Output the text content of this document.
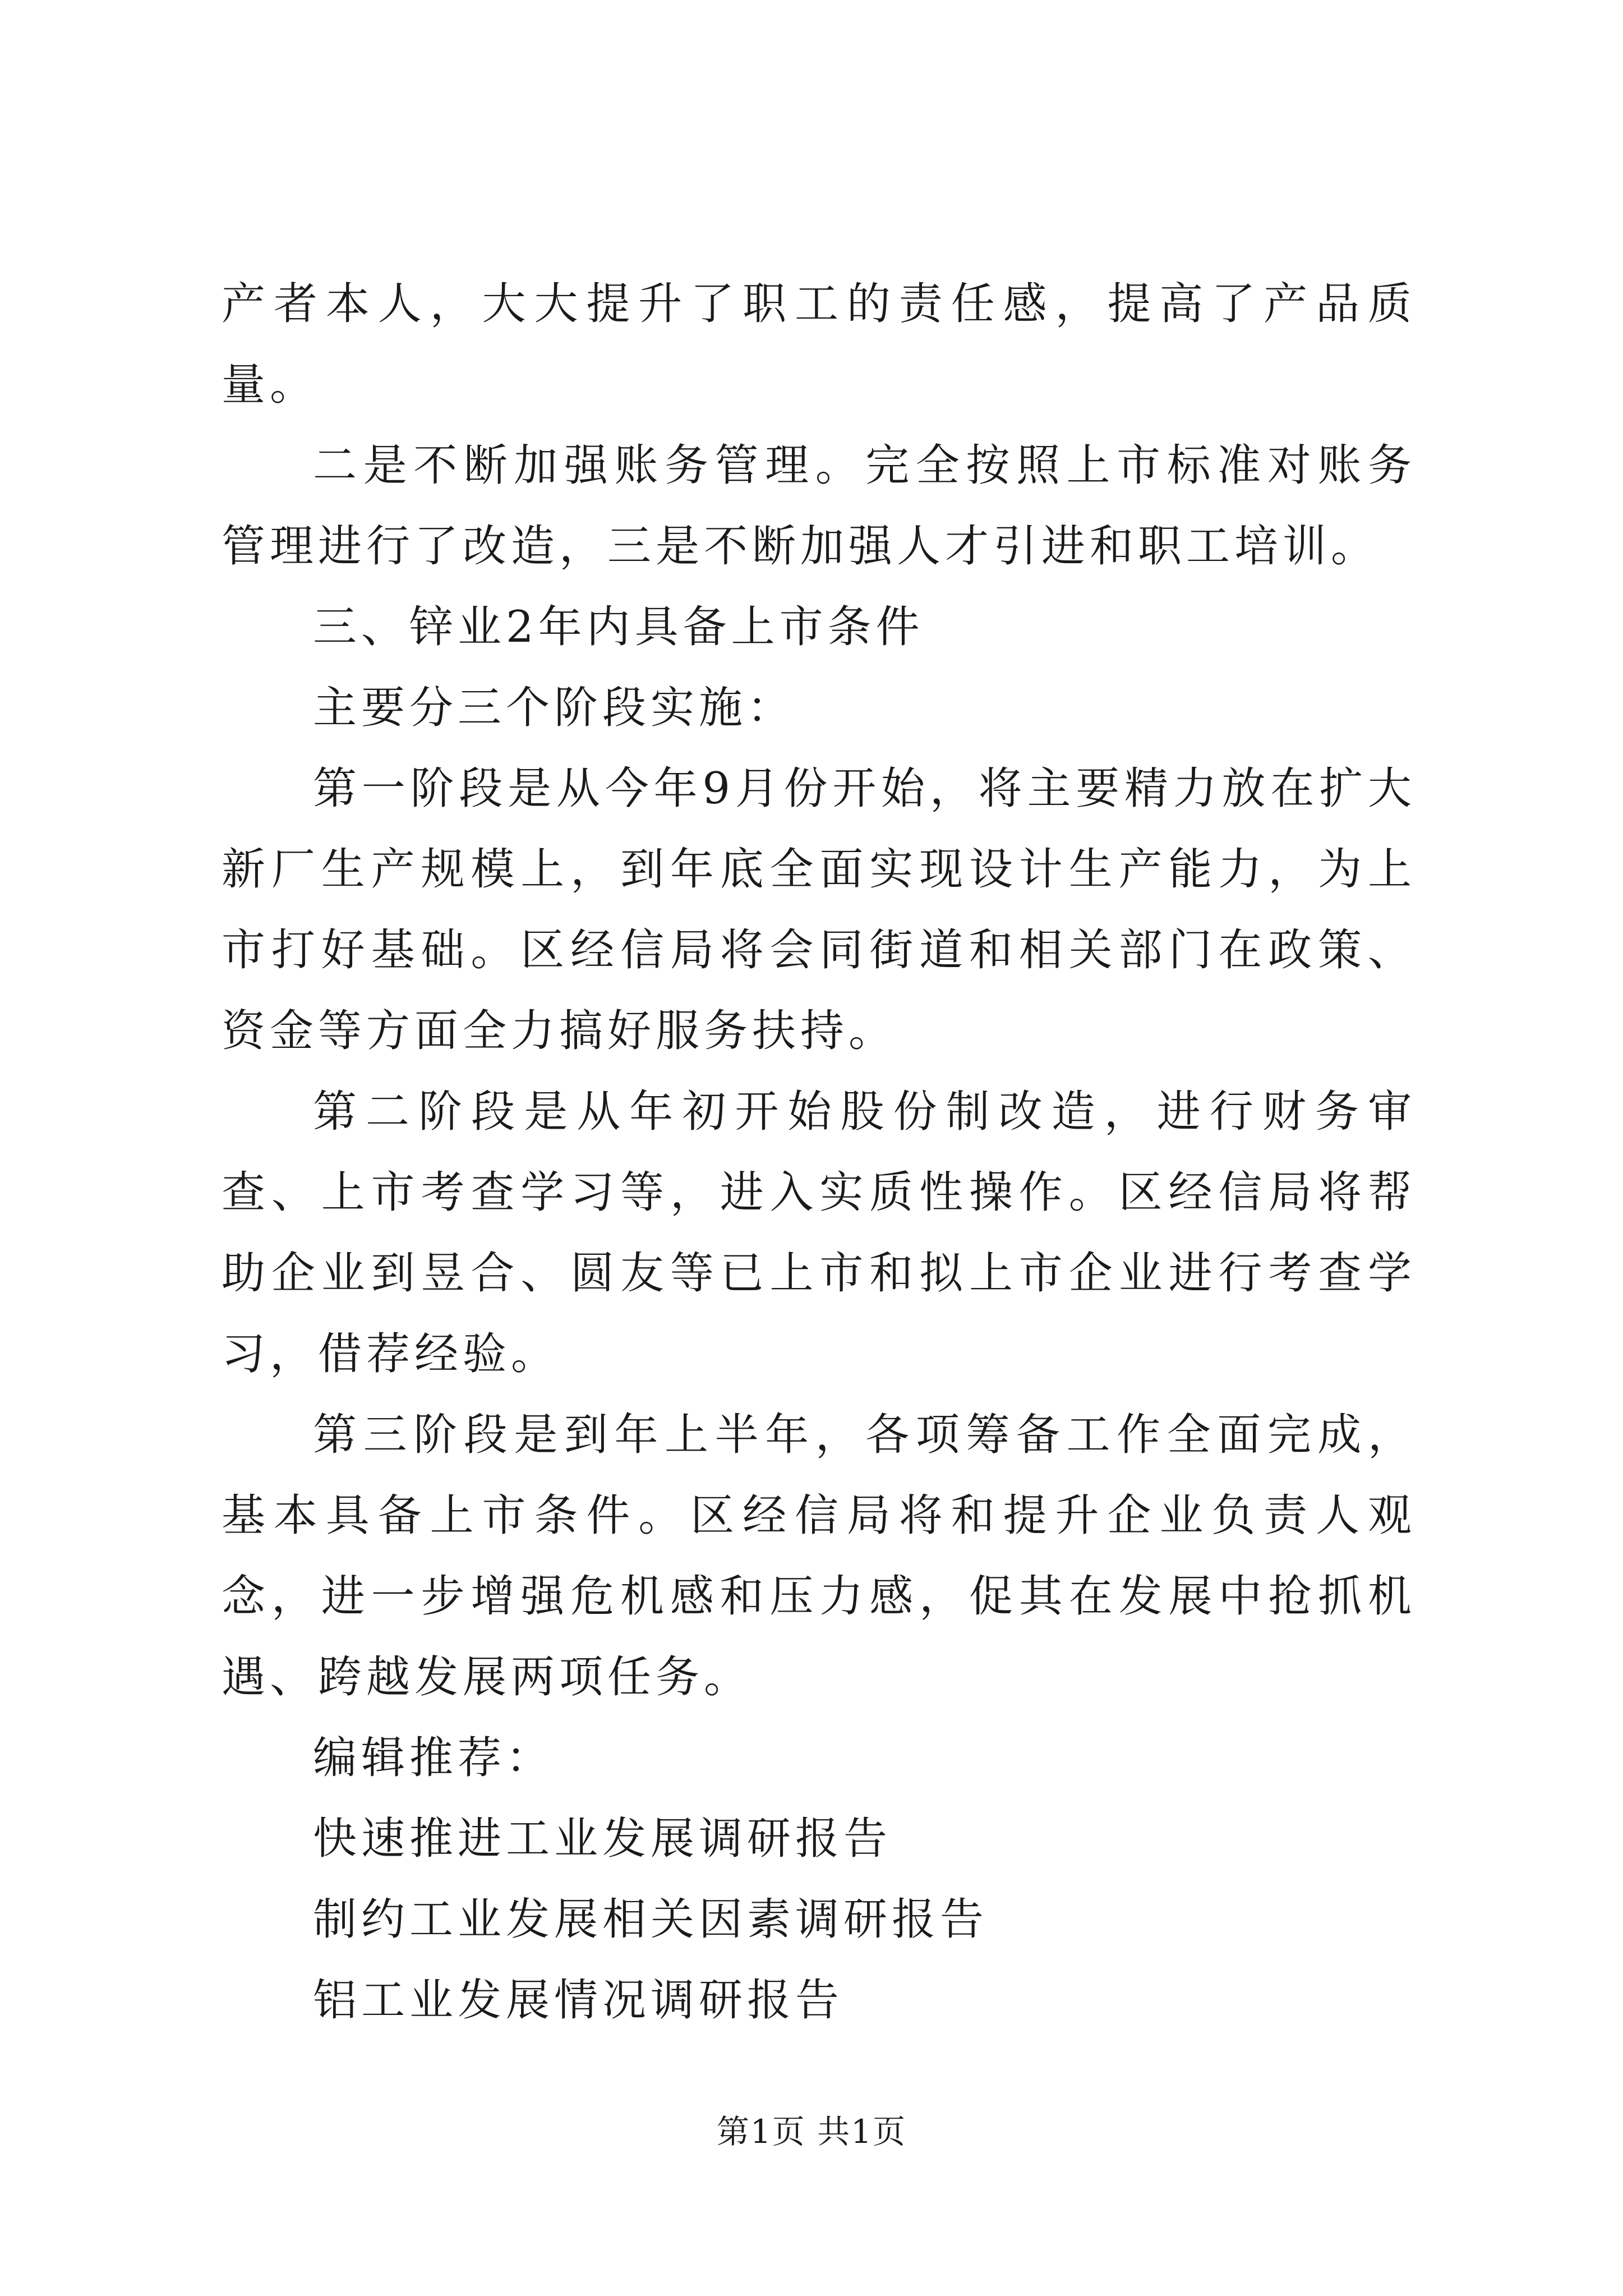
产者本人，大大提升了职工的责任感，提高了产品质量。

二是不断加强账务管理。完全按照上市标准对账务管理进行了改造，三是不断加强人才引进和职工培训。

三、锌业2年内具备上市条件

主要分三个阶段实施：

第一阶段是从今年9月份开始，将主要精力放在扩大新厂生产规模上，到年底全面实现设计生产能力，为上市打好基础。区经信局将会同街道和相关部门在政策、资金等方面全力搞好服务扶持。

第二阶段是从年初开始股份制改造，进行财务审查、上市考查学习等，进入实质性操作。区经信局将帮助企业到昱合、圆友等已上市和拟上市企业进行考查学习，借荐经验。

第三阶段是到年上半年，各项筹备工作全面完成，基本具备上市条件。区经信局将和提升企业负责人观念，进一步增强危机感和压力感，促其在发展中抢抓机遇、跨越发展两项任务。

编辑推荐：

快速推进工业发展调研报告

制约工业发展相关因素调研报告

铝工业发展情况调研报告

第1页 共1页
